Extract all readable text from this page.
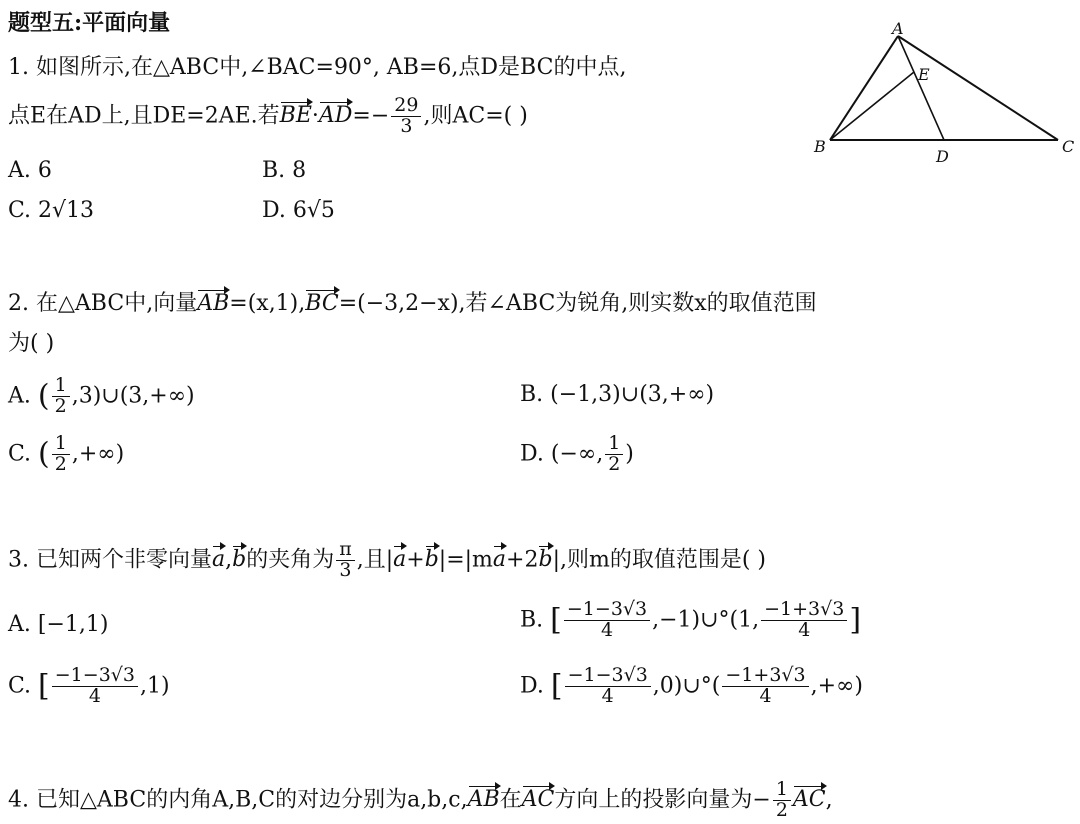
题型五:平面向量	A
B	C
D
E
1. 如图所示,在△ABC中,∠BAC=90°, AB=6,点D是BC的中点,
点E在AD上,且DE=2AE.若$BE\cdot AD=- \frac{29}{3}$ ,则AC=( )
A. 6	B. 8
C. 2√13	D. 6√5
2. 在△ABC中,向量AB=(x,1),BC=(−3,2−x),若∠ABC为锐角,则实数x的取值范围
为( )
A. ( $\frac{1}{2}$ ,3)∪(3,+∞)	B. (−1,3)∪(3,+∞)
C. ( $\frac{1}{2}$ ,+∞)	D. (−∞, $\frac{1}{2}$ )
3. 已知两个非零向量a,b的夹角为 $\frac{\pi}{3}$ ,且|a+b|=|ma+2b|,则m的取值范围是( )
A. [−1,1)	B. [ $\frac{-1-3√3}{4}$ ,−1)∪°(1, $\frac{-1+3√3}{4}$ ]
C. [ $\frac{-1-3√3}{4} ,1$)	D. [ $\frac{-1-3√3}{4}$ ,0)∪°( $\frac{-1+3√3}{4}$ ,+∞)
4. 已知△ABC的内角A,B,C的对边分别为a,b,c,AB在AC方向上的投影向量为− $\frac{1}{2}$ AC,
